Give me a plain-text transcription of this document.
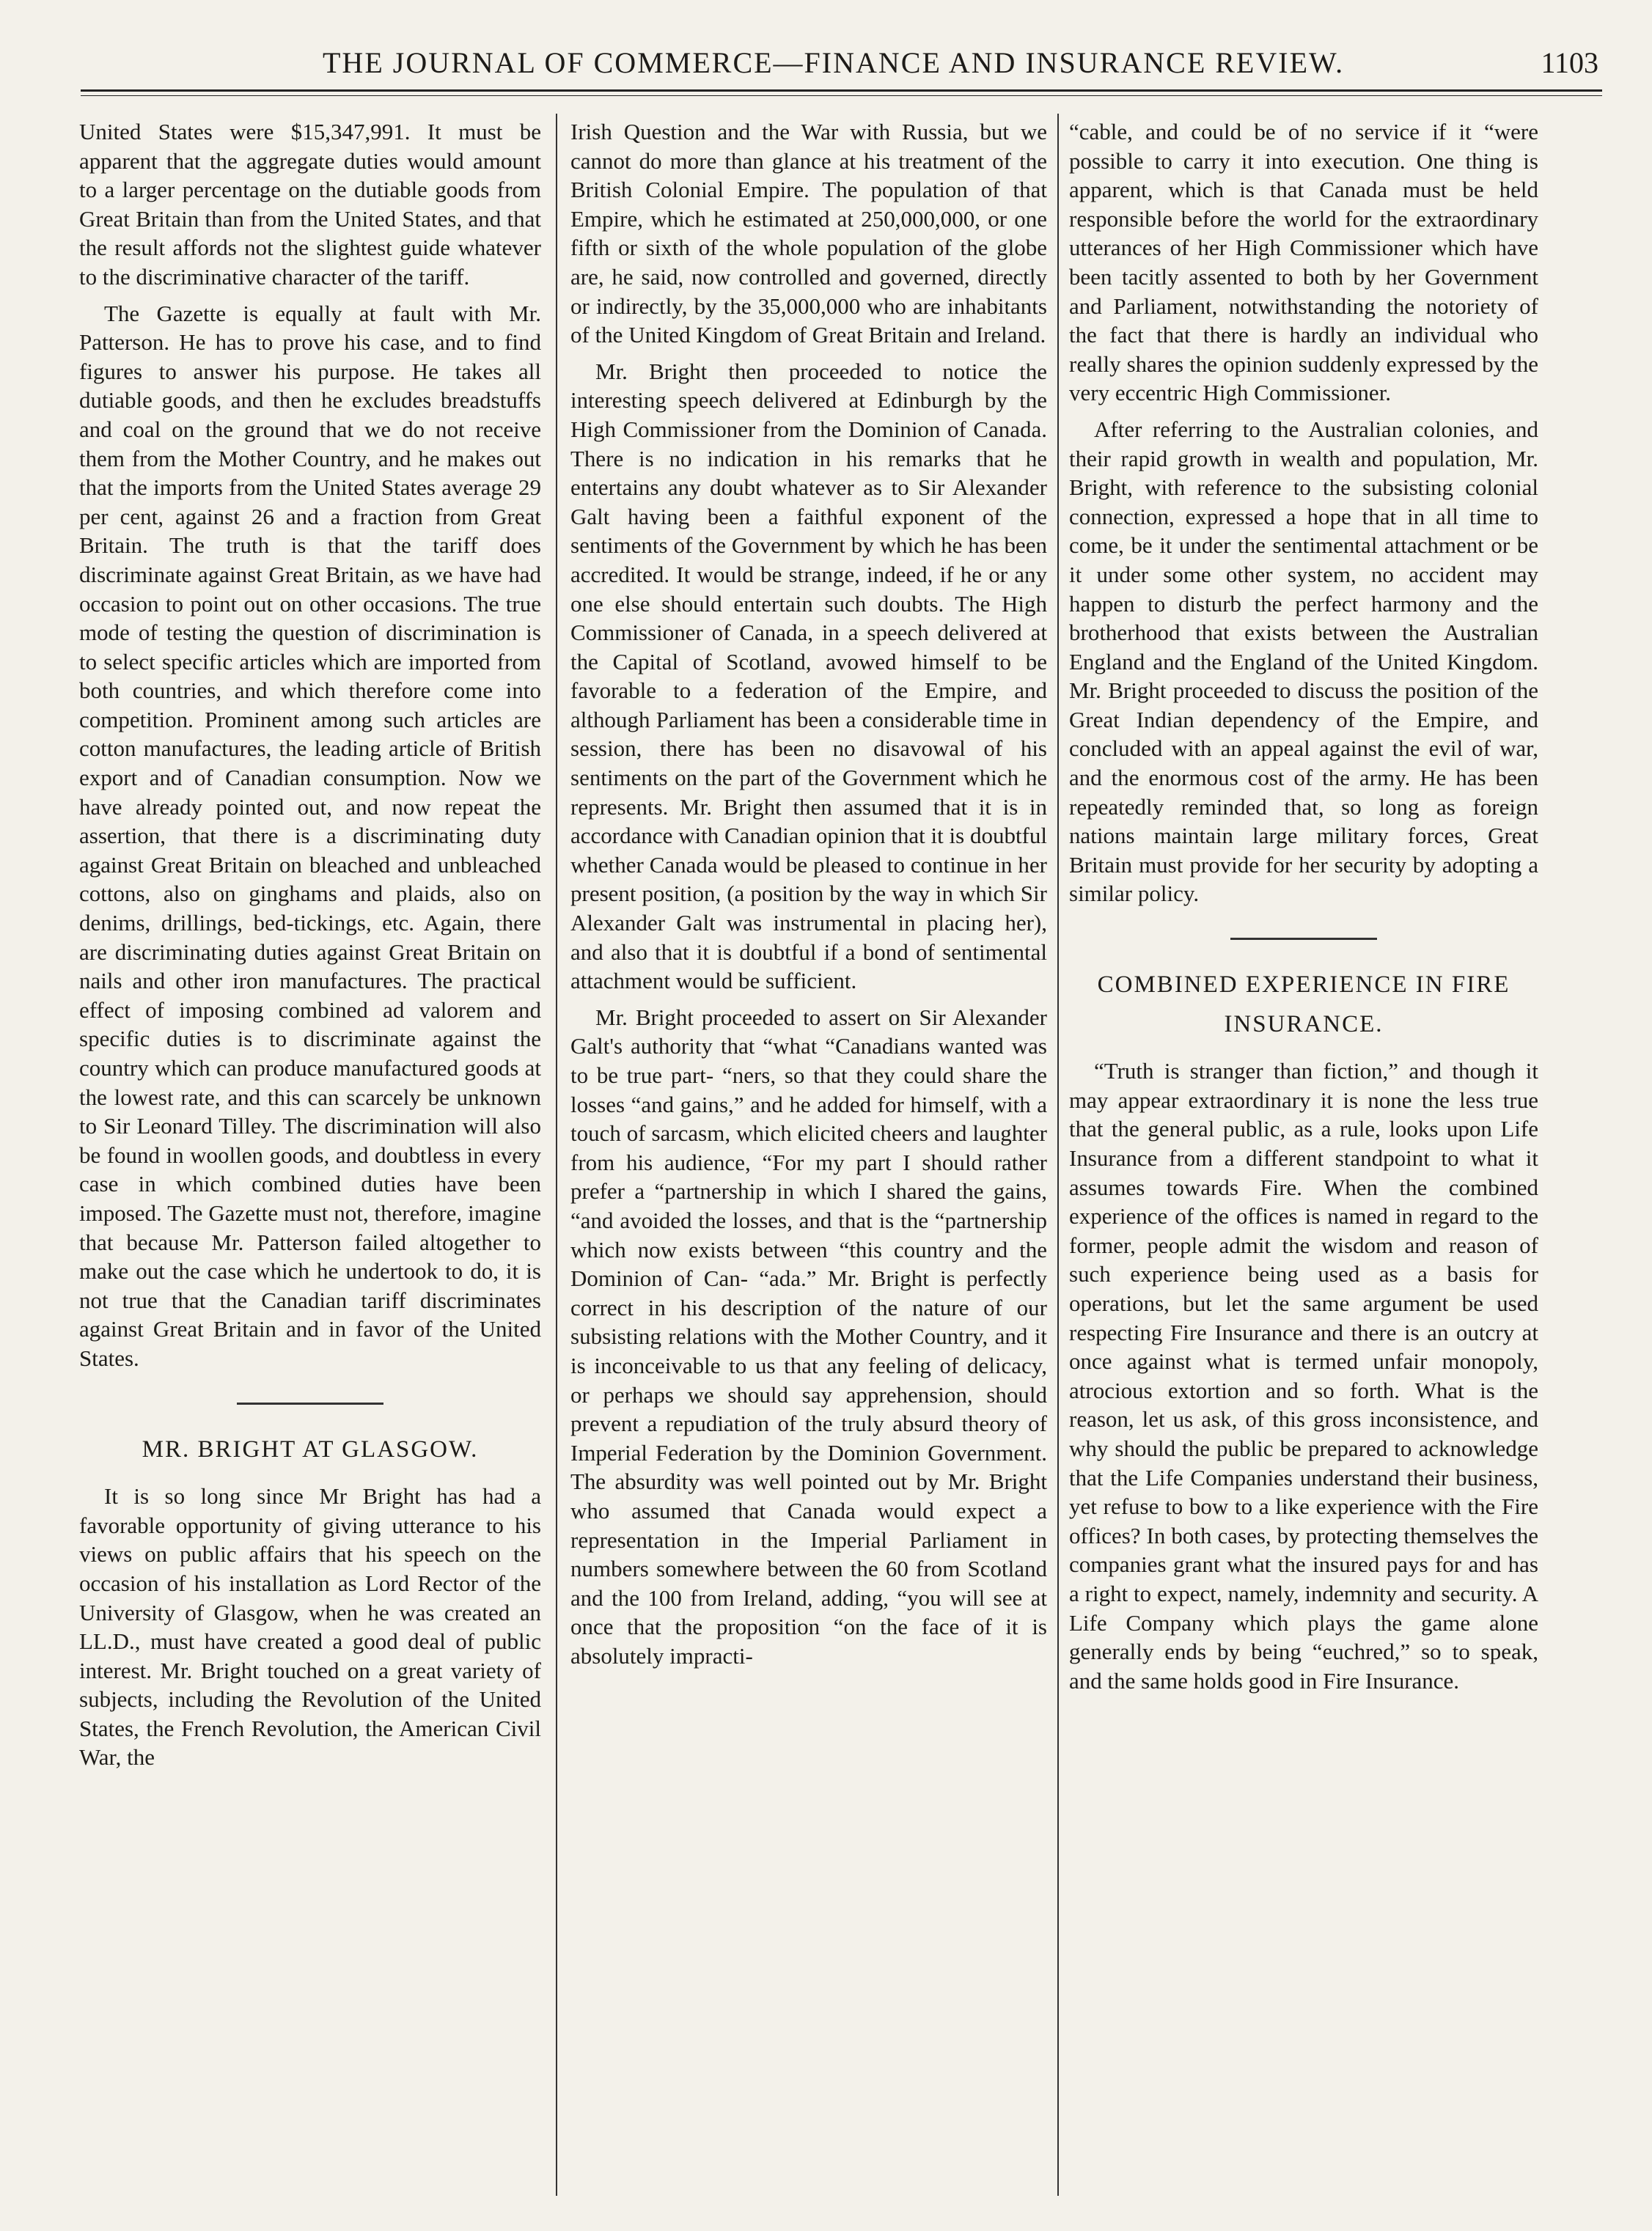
THE JOURNAL OF COMMERCE—FINANCE AND INSURANCE REVIEW.	1103

United States were $15,347,991. It must be apparent that the aggregate duties would amount to a larger percentage on the dutiable goods from Great Britain than from the United States, and that the result affords not the slightest guide whatever to the discriminative character of the tariff.

The Gazette is equally at fault with Mr. Patterson. He has to prove his case, and to find figures to answer his purpose. He takes all dutiable goods, and then he excludes breadstuffs and coal on the ground that we do not receive them from the Mother Country, and he makes out that the imports from the United States average 29 per cent, against 26 and a fraction from Great Britain. The truth is that the tariff does discriminate against Great Britain, as we have had occasion to point out on other occasions. The true mode of testing the question of discrimination is to select specific articles which are imported from both countries, and which therefore come into competition. Prominent among such articles are cotton manufactures, the leading article of British export and of Canadian consumption. Now we have already pointed out, and now repeat the assertion, that there is a discriminating duty against Great Britain on bleached and unbleached cottons, also on ginghams and plaids, also on denims, drillings, bed-tickings, etc. Again, there are discriminating duties against Great Britain on nails and other iron manufactures. The practical effect of imposing combined ad valorem and specific duties is to discriminate against the country which can produce manufactured goods at the lowest rate, and this can scarcely be unknown to Sir Leonard Tilley. The discrimination will also be found in woollen goods, and doubtless in every case in which combined duties have been imposed. The Gazette must not, therefore, imagine that because Mr. Patterson failed altogether to make out the case which he undertook to do, it is not true that the Canadian tariff discriminates against Great Britain and in favor of the United States.

MR. BRIGHT AT GLASGOW.

It is so long since Mr Bright has had a favorable opportunity of giving utterance to his views on public affairs that his speech on the occasion of his installation as Lord Rector of the University of Glasgow, when he was created an LL.D., must have created a good deal of public interest. Mr. Bright touched on a great variety of subjects, including the Revolution of the United States, the French Revolution, the American Civil War, the

Irish Question and the War with Russia, but we cannot do more than glance at his treatment of the British Colonial Empire. The population of that Empire, which he estimated at 250,000,000, or one fifth or sixth of the whole population of the globe are, he said, now controlled and governed, directly or indirectly, by the 35,000,000 who are inhabitants of the United Kingdom of Great Britain and Ireland.

Mr. Bright then proceeded to notice the interesting speech delivered at Edinburgh by the High Commissioner from the Dominion of Canada. There is no indication in his remarks that he entertains any doubt whatever as to Sir Alexander Galt having been a faithful exponent of the sentiments of the Government by which he has been accredited. It would be strange, indeed, if he or any one else should entertain such doubts. The High Commissioner of Canada, in a speech delivered at the Capital of Scotland, avowed himself to be favorable to a federation of the Empire, and although Parliament has been a considerable time in session, there has been no disavowal of his sentiments on the part of the Government which he represents. Mr. Bright then assumed that it is in accordance with Canadian opinion that it is doubtful whether Canada would be pleased to continue in her present position, (a position by the way in which Sir Alexander Galt was instrumental in placing her), and also that it is doubtful if a bond of sentimental attachment would be sufficient.

Mr. Bright proceeded to assert on Sir Alexander Galt's authority that “what “Canadians wanted was to be true part- “ners, so that they could share the losses “and gains,” and he added for himself, with a touch of sarcasm, which elicited cheers and laughter from his audience, “For my part I should rather prefer a “partnership in which I shared the gains, “and avoided the losses, and that is the “partnership which now exists between “this country and the Dominion of Can- “ada.” Mr. Bright is perfectly correct in his description of the nature of our subsisting relations with the Mother Country, and it is inconceivable to us that any feeling of delicacy, or perhaps we should say apprehension, should prevent a repudiation of the truly absurd theory of Imperial Federation by the Dominion Government. The absurdity was well pointed out by Mr. Bright who assumed that Canada would expect a representation in the Imperial Parliament in numbers somewhere between the 60 from Scotland and the 100 from Ireland, adding, “you will see at once that the proposition “on the face of it is absolutely impracti-

“cable, and could be of no service if it “were possible to carry it into execution. One thing is apparent, which is that Canada must be held responsible before the world for the extraordinary utterances of her High Commissioner which have been tacitly assented to both by her Government and Parliament, notwithstanding the notoriety of the fact that there is hardly an individual who really shares the opinion suddenly expressed by the very eccentric High Commissioner.

After referring to the Australian colonies, and their rapid growth in wealth and population, Mr. Bright, with reference to the subsisting colonial connection, expressed a hope that in all time to come, be it under the sentimental attachment or be it under some other system, no accident may happen to disturb the perfect harmony and the brotherhood that exists between the Australian England and the England of the United Kingdom. Mr. Bright proceeded to discuss the position of the Great Indian dependency of the Empire, and concluded with an appeal against the evil of war, and the enormous cost of the army. He has been repeatedly reminded that, so long as foreign nations maintain large military forces, Great Britain must provide for her security by adopting a similar policy.

COMBINED EXPERIENCE IN FIRE
INSURANCE.

“Truth is stranger than fiction,” and though it may appear extraordinary it is none the less true that the general public, as a rule, looks upon Life Insurance from a different standpoint to what it assumes towards Fire. When the combined experience of the offices is named in regard to the former, people admit the wisdom and reason of such experience being used as a basis for operations, but let the same argument be used respecting Fire Insurance and there is an outcry at once against what is termed unfair monopoly, atrocious extortion and so forth. What is the reason, let us ask, of this gross inconsistence, and why should the public be prepared to acknowledge that the Life Companies understand their business, yet refuse to bow to a like experience with the Fire offices? In both cases, by protecting themselves the companies grant what the insured pays for and has a right to expect, namely, indemnity and security. A Life Company which plays the game alone generally ends by being “euchred,” so to speak, and the same holds good in Fire Insurance.
